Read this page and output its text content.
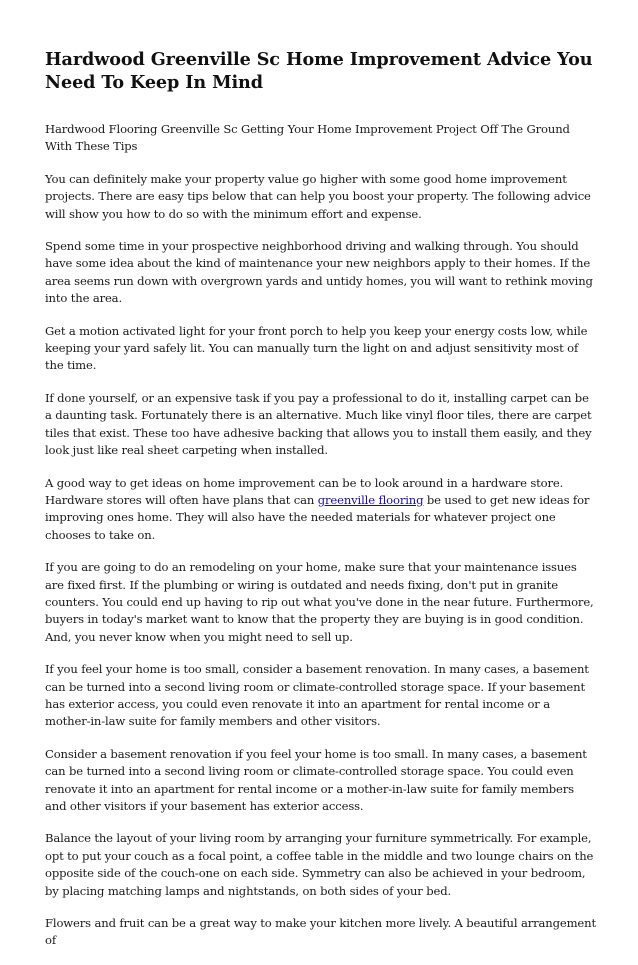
Hardwood Greenville Sc Home Improvement Advice You Need To Keep In Mind

Hardwood Flooring Greenville Sc Getting Your Home Improvement Project Off The Ground With These Tips

You can definitely make your property value go higher with some good home improvement projects. There are easy tips below that can help you boost your property. The following advice will show you how to do so with the minimum effort and expense.

Spend some time in your prospective neighborhood driving and walking through. You should have some idea about the kind of maintenance your new neighbors apply to their homes. If the area seems run down with overgrown yards and untidy homes, you will want to rethink moving into the area.

Get a motion activated light for your front porch to help you keep your energy costs low, while keeping your yard safely lit. You can manually turn the light on and adjust sensitivity most of the time.

If done yourself, or an expensive task if you pay a professional to do it, installing carpet can be a daunting task. Fortunately there is an alternative. Much like vinyl floor tiles, there are carpet tiles that exist. These too have adhesive backing that allows you to install them easily, and they look just like real sheet carpeting when installed.

A good way to get ideas on home improvement can be to look around in a hardware store. Hardware stores will often have plans that can greenville flooring be used to get new ideas for improving ones home. They will also have the needed materials for whatever project one chooses to take on.

If you are going to do an remodeling on your home, make sure that your maintenance issues are fixed first. If the plumbing or wiring is outdated and needs fixing, don't put in granite counters. You could end up having to rip out what you've done in the near future. Furthermore, buyers in today's market want to know that the property they are buying is in good condition. And, you never know when you might need to sell up.

If you feel your home is too small, consider a basement renovation. In many cases, a basement can be turned into a second living room or climate-controlled storage space. If your basement has exterior access, you could even renovate it into an apartment for rental income or a mother-in-law suite for family members and other visitors.

Consider a basement renovation if you feel your home is too small. In many cases, a basement can be turned into a second living room or climate-controlled storage space. You could even renovate it into an apartment for rental income or a mother-in-law suite for family members and other visitors if your basement has exterior access.

Balance the layout of your living room by arranging your furniture symmetrically. For example, opt to put your couch as a focal point, a coffee table in the middle and two lounge chairs on the opposite side of the couch-one on each side. Symmetry can also be achieved in your bedroom, by placing matching lamps and nightstands, on both sides of your bed.

Flowers and fruit can be a great way to make your kitchen more lively. A beautiful arrangement of
